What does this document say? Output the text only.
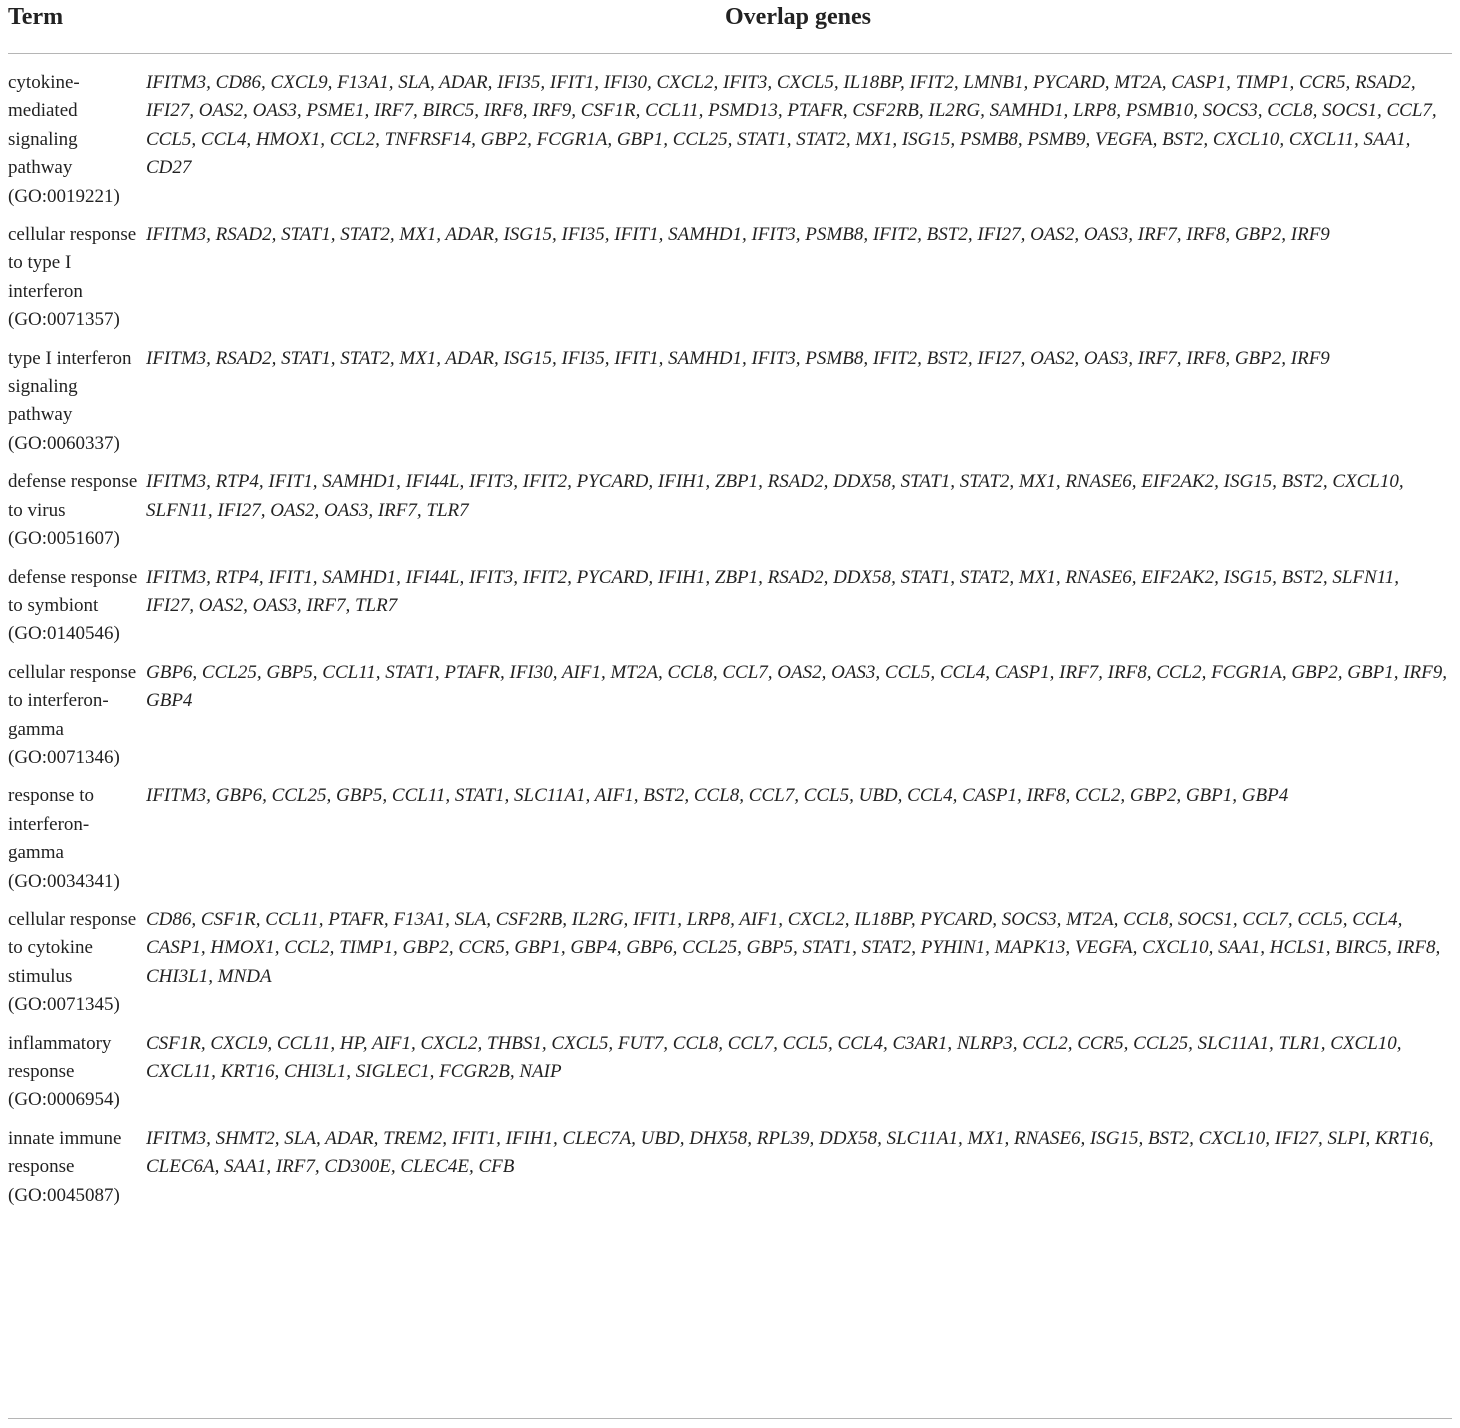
Term	Overlap genes
cytokine-mediated signaling pathway (GO:0019221)
IFITM3, CD86, CXCL9, F13A1, SLA, ADAR, IFI35, IFIT1, IFI30, CXCL2, IFIT3, CXCL5, IL18BP, IFIT2, LMNB1, PYCARD, MT2A, CASP1, TIMP1, CCR5, RSAD2, IFI27, OAS2, OAS3, PSME1, IRF7, BIRC5, IRF8, IRF9, CSF1R, CCL11, PSMD13, PTAFR, CSF2RB, IL2RG, SAMHD1, LRP8, PSMB10, SOCS3, CCL8, SOCS1, CCL7, CCL5, CCL4, HMOX1, CCL2, TNFRSF14, GBP2, FCGR1A, GBP1, CCL25, STAT1, STAT2, MX1, ISG15, PSMB8, PSMB9, VEGFA, BST2, CXCL10, CXCL11, SAA1, CD27
cellular response to type I interferon (GO:0071357)
IFITM3, RSAD2, STAT1, STAT2, MX1, ADAR, ISG15, IFI35, IFIT1, SAMHD1, IFIT3, PSMB8, IFIT2, BST2, IFI27, OAS2, OAS3, IRF7, IRF8, GBP2, IRF9
type I interferon signaling pathway (GO:0060337)
IFITM3, RSAD2, STAT1, STAT2, MX1, ADAR, ISG15, IFI35, IFIT1, SAMHD1, IFIT3, PSMB8, IFIT2, BST2, IFI27, OAS2, OAS3, IRF7, IRF8, GBP2, IRF9
defense response to virus (GO:0051607)
IFITM3, RTP4, IFIT1, SAMHD1, IFI44L, IFIT3, IFIT2, PYCARD, IFIH1, ZBP1, RSAD2, DDX58, STAT1, STAT2, MX1, RNASE6, EIF2AK2, ISG15, BST2, CXCL10, SLFN11, IFI27, OAS2, OAS3, IRF7, TLR7
defense response to symbiont (GO:0140546)
IFITM3, RTP4, IFIT1, SAMHD1, IFI44L, IFIT3, IFIT2, PYCARD, IFIH1, ZBP1, RSAD2, DDX58, STAT1, STAT2, MX1, RNASE6, EIF2AK2, ISG15, BST2, SLFN11, IFI27, OAS2, OAS3, IRF7, TLR7
cellular response to interferon-gamma (GO:0071346)
GBP6, CCL25, GBP5, CCL11, STAT1, PTAFR, IFI30, AIF1, MT2A, CCL8, CCL7, OAS2, OAS3, CCL5, CCL4, CASP1, IRF7, IRF8, CCL2, FCGR1A, GBP2, GBP1, IRF9, GBP4
response to interferon-gamma (GO:0034341)
IFITM3, GBP6, CCL25, GBP5, CCL11, STAT1, SLC11A1, AIF1, BST2, CCL8, CCL7, CCL5, UBD, CCL4, CASP1, IRF8, CCL2, GBP2, GBP1, GBP4
cellular response to cytokine stimulus (GO:0071345)
CD86, CSF1R, CCL11, PTAFR, F13A1, SLA, CSF2RB, IL2RG, IFIT1, LRP8, AIF1, CXCL2, IL18BP, PYCARD, SOCS3, MT2A, CCL8, SOCS1, CCL7, CCL5, CCL4, CASP1, HMOX1, CCL2, TIMP1, GBP2, CCR5, GBP1, GBP4, GBP6, CCL25, GBP5, STAT1, STAT2, PYHIN1, MAPK13, VEGFA, CXCL10, SAA1, HCLS1, BIRC5, IRF8, CHI3L1, MNDA
inflammatory response (GO:0006954)
CSF1R, CXCL9, CCL11, HP, AIF1, CXCL2, THBS1, CXCL5, FUT7, CCL8, CCL7, CCL5, CCL4, C3AR1, NLRP3, CCL2, CCR5, CCL25, SLC11A1, TLR1, CXCL10, CXCL11, KRT16, CHI3L1, SIGLEC1, FCGR2B, NAIP
innate immune response (GO:0045087)
IFITM3, SHMT2, SLA, ADAR, TREM2, IFIT1, IFIH1, CLEC7A, UBD, DHX58, RPL39, DDX58, SLC11A1, MX1, RNASE6, ISG15, BST2, CXCL10, IFI27, SLPI, KRT16, CLEC6A, SAA1, IRF7, CD300E, CLEC4E, CFB
